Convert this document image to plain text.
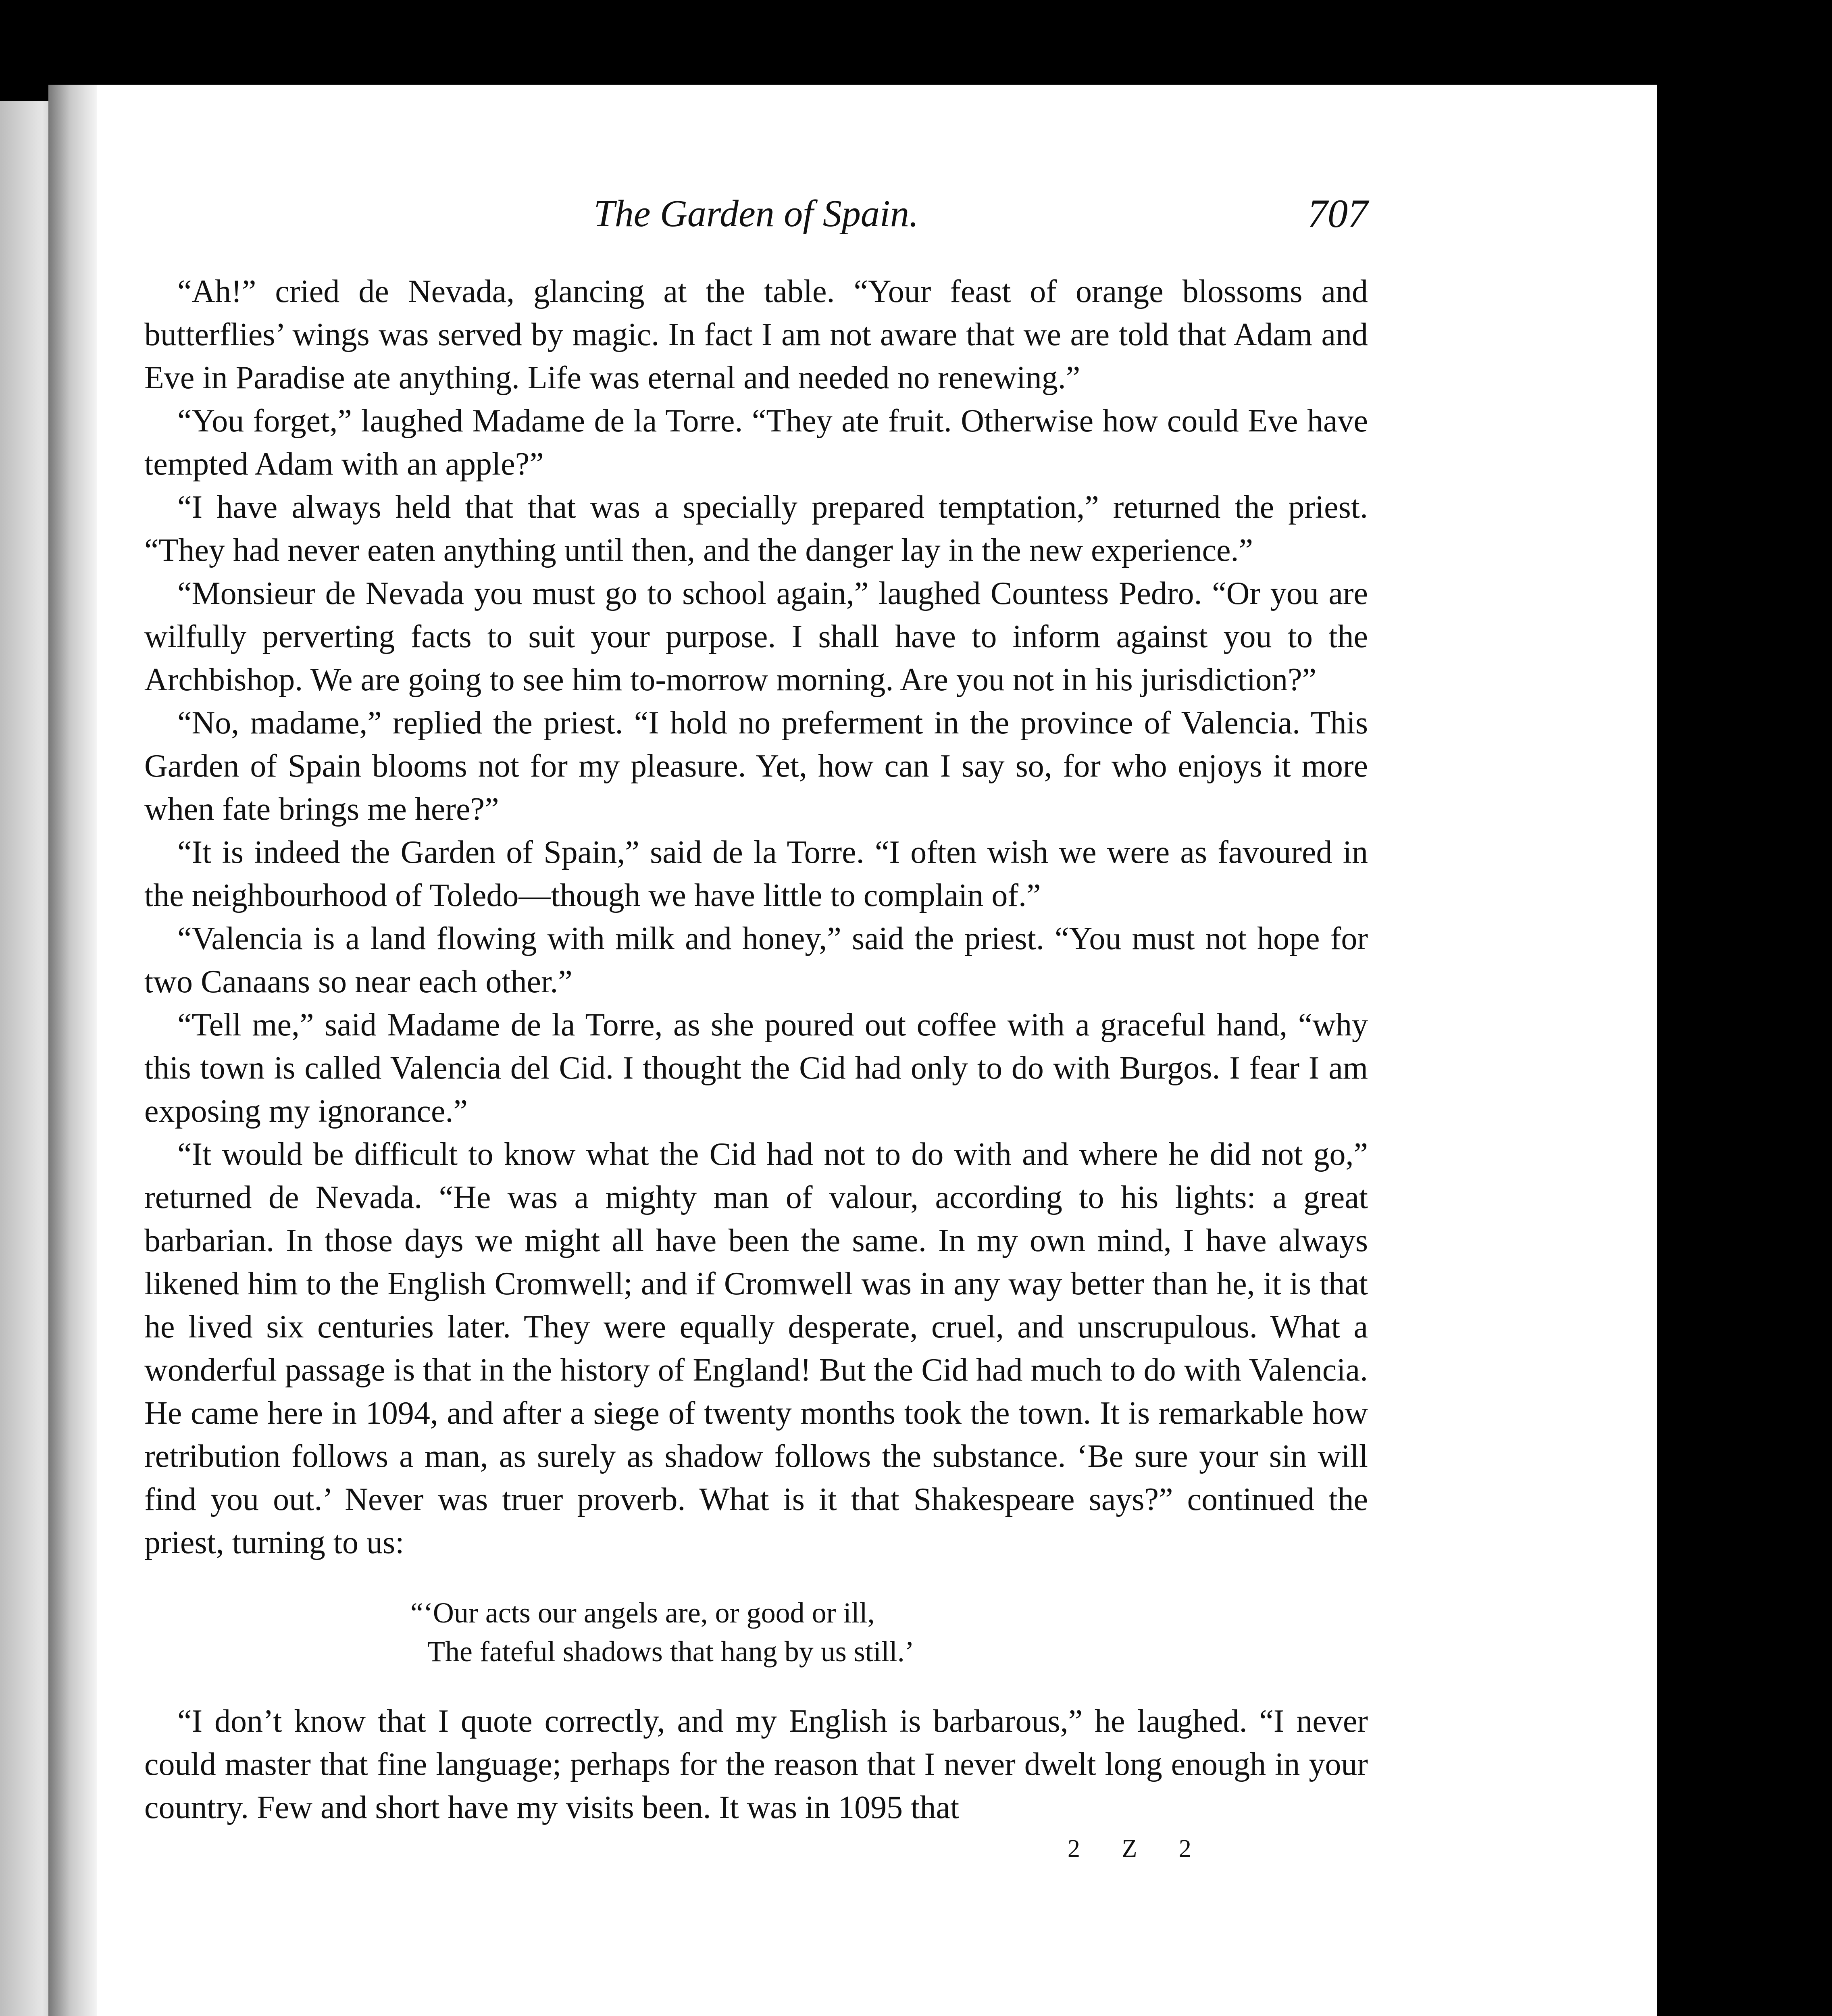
The Garden of Spain.	707

“Ah!” cried de Nevada, glancing at the table. “Your feast of orange blossoms and butterflies’ wings was served by magic. In fact I am not aware that we are told that Adam and Eve in Paradise ate anything. Life was eternal and needed no renewing.”

“You forget,” laughed Madame de la Torre. “They ate fruit. Otherwise how could Eve have tempted Adam with an apple?”

“I have always held that that was a specially prepared temptation,” returned the priest. “They had never eaten anything until then, and the danger lay in the new experience.”

“Monsieur de Nevada you must go to school again,” laughed Countess Pedro. “Or you are wilfully perverting facts to suit your purpose. I shall have to inform against you to the Archbishop. We are going to see him to-morrow morning. Are you not in his jurisdiction?”

“No, madame,” replied the priest. “I hold no preferment in the province of Valencia. This Garden of Spain blooms not for my pleasure. Yet, how can I say so, for who enjoys it more when fate brings me here?”

“It is indeed the Garden of Spain,” said de la Torre. “I often wish we were as favoured in the neighbourhood of Toledo—though we have little to complain of.”

“Valencia is a land flowing with milk and honey,” said the priest. “You must not hope for two Canaans so near each other.”

“Tell me,” said Madame de la Torre, as she poured out coffee with a graceful hand, “why this town is called Valencia del Cid. I thought the Cid had only to do with Burgos. I fear I am exposing my ignorance.”

“It would be difficult to know what the Cid had not to do with and where he did not go,” returned de Nevada. “He was a mighty man of valour, according to his lights: a great barbarian. In those days we might all have been the same. In my own mind, I have always likened him to the English Cromwell; and if Cromwell was in any way better than he, it is that he lived six centuries later. They were equally desperate, cruel, and unscrupulous. What a wonderful passage is that in the history of England! But the Cid had much to do with Valencia. He came here in 1094, and after a siege of twenty months took the town. It is remarkable how retribution follows a man, as surely as shadow follows the substance. ‘Be sure your sin will find you out.’ Never was truer proverb. What is it that Shakespeare says?” continued the priest, turning to us:

“‘Our acts our angels are, or good or ill,
The fateful shadows that hang by us still.’

“I don’t know that I quote correctly, and my English is barbarous,” he laughed. “I never could master that fine language; perhaps for the reason that I never dwelt long enough in your country. Few and short have my visits been. It was in 1095 that

2 Z 2
